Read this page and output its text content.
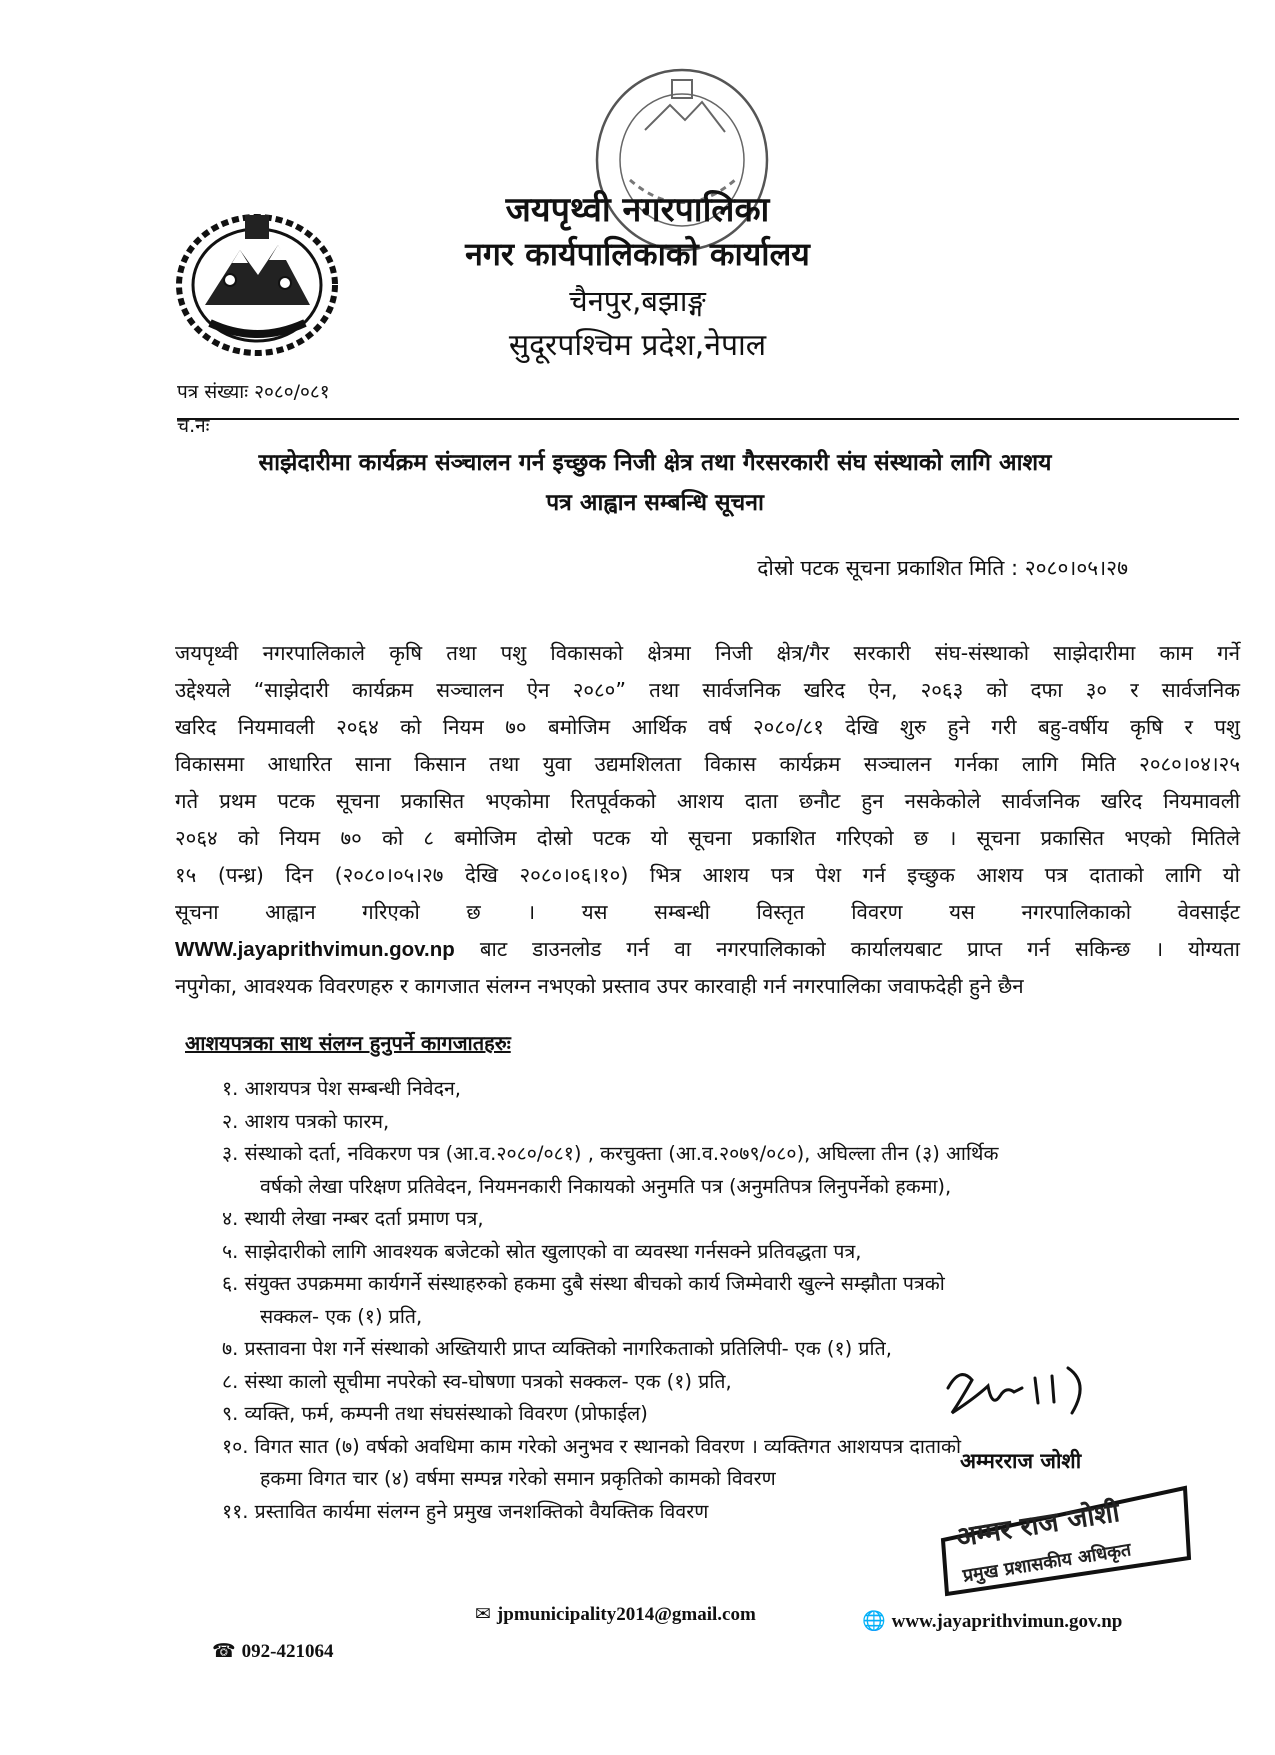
जयपृथ्वी नगरपालिका
नगर कार्यपालिकाको कार्यालय
चैनपुर,बझाङ्ग
सुदूरपश्चिम प्रदेश,नेपाल
पत्र संख्याः २०८०/०८१
च.नः
साझेदारीमा कार्यक्रम संञ्चालन गर्न इच्छुक निजी क्षेत्र तथा गैरसरकारी संघ संस्थाको लागि आशय
पत्र आह्वान सम्बन्धि सूचना
दोस्रो पटक सूचना प्रकाशित मिति : २०८०।०५।२७
जयपृथ्वी नगरपालिकाले कृषि तथा पशु विकासको क्षेत्रमा निजी क्षेत्र/गैर सरकारी संघ-संस्थाको साझेदारीमा काम गर्ने
उद्देश्यले “साझेदारी कार्यक्रम सञ्चालन ऐन २०८०” तथा सार्वजनिक खरिद ऐन, २०६३ को दफा ३० र सार्वजनिक
खरिद नियमावली २०६४ को नियम ७० बमोजिम आर्थिक वर्ष २०८०/८१ देखि शुरु हुने गरी बहु-वर्षीय कृषि र पशु
विकासमा आधारित साना किसान तथा युवा उद्यमशिलता विकास कार्यक्रम सञ्चालन गर्नका लागि मिति २०८०।०४।२५
गते प्रथम पटक सूचना प्रकासित भएकोमा रितपूर्वकको आशय दाता छनौट हुन नसकेकोले सार्वजनिक खरिद नियमावली
२०६४ को नियम ७० को ८ बमोजिम दोस्रो पटक यो सूचना प्रकाशित गरिएको छ । सूचना प्रकासित भएको मितिले
१५ (पन्ध्र) दिन (२०८०।०५।२७ देखि २०८०।०६।१०) भित्र आशय पत्र पेश गर्न इच्छुक आशय पत्र दाताको लागि यो
सूचना आह्वान गरिएको छ । यस सम्बन्धी विस्तृत विवरण यस नगरपालिकाको वेवसाईट
WWW.jayaprithvimun.gov.np बाट डाउनलोड गर्न वा नगरपालिकाको कार्यालयबाट प्राप्त गर्न सकिन्छ । योग्यता
नपुगेका, आवश्यक विवरणहरु र कागजात संलग्न नभएको प्रस्ताव उपर कारवाही गर्न नगरपालिका जवाफदेही हुने छैन
आशयपत्रका साथ संलग्न हुनुपर्ने कागजातहरुः
१. आशयपत्र पेश सम्बन्धी निवेदन,
२. आशय पत्रको फारम,
३. संस्थाको दर्ता, नविकरण पत्र (आ.व.२०८०/०८१) , करचुक्ता (आ.व.२०७९/०८०), अघिल्ला तीन (३) आर्थिक
वर्षको लेखा परिक्षण प्रतिवेदन, नियमनकारी निकायको अनुमति पत्र (अनुमतिपत्र लिनुपर्नेको हकमा),
४. स्थायी लेखा नम्बर दर्ता प्रमाण पत्र,
५. साझेदारीको लागि आवश्यक बजेटको स्रोत खुलाएको वा व्यवस्था गर्नसक्ने प्रतिवद्धता पत्र,
६. संयुक्त उपक्रममा कार्यगर्ने संस्थाहरुको हकमा दुबै संस्था बीचको कार्य जिम्मेवारी खुल्ने सम्झौता पत्रको
सक्कल- एक (१) प्रति,
७. प्रस्तावना पेश गर्ने संस्थाको अख्तियारी प्राप्त व्यक्तिको नागरिकताको प्रतिलिपी- एक (१) प्रति,
८. संस्था कालो सूचीमा नपरेको स्व-घोषणा पत्रको सक्कल- एक (१) प्रति,
९. व्यक्ति, फर्म, कम्पनी तथा संघसंस्थाको विवरण (प्रोफाईल)
१०. विगत सात (७) वर्षको अवधिमा काम गरेको अनुभव र स्थानको विवरण । व्यक्तिगत आशयपत्र दाताको
हकमा विगत चार (४) वर्षमा सम्पन्न गरेको समान प्रकृतिको कामको विवरण
११. प्रस्तावित कार्यमा संलग्न हुने प्रमुख जनशक्तिको वैयक्तिक विवरण
अम्मरराज जोशी
अम्मर राज जोशी
प्रमुख प्रशासकीय अधिकृत
☎ 092-421064
✉ jpmunicipality2014@gmail.com	🌐 www.jayaprithvimun.gov.np
